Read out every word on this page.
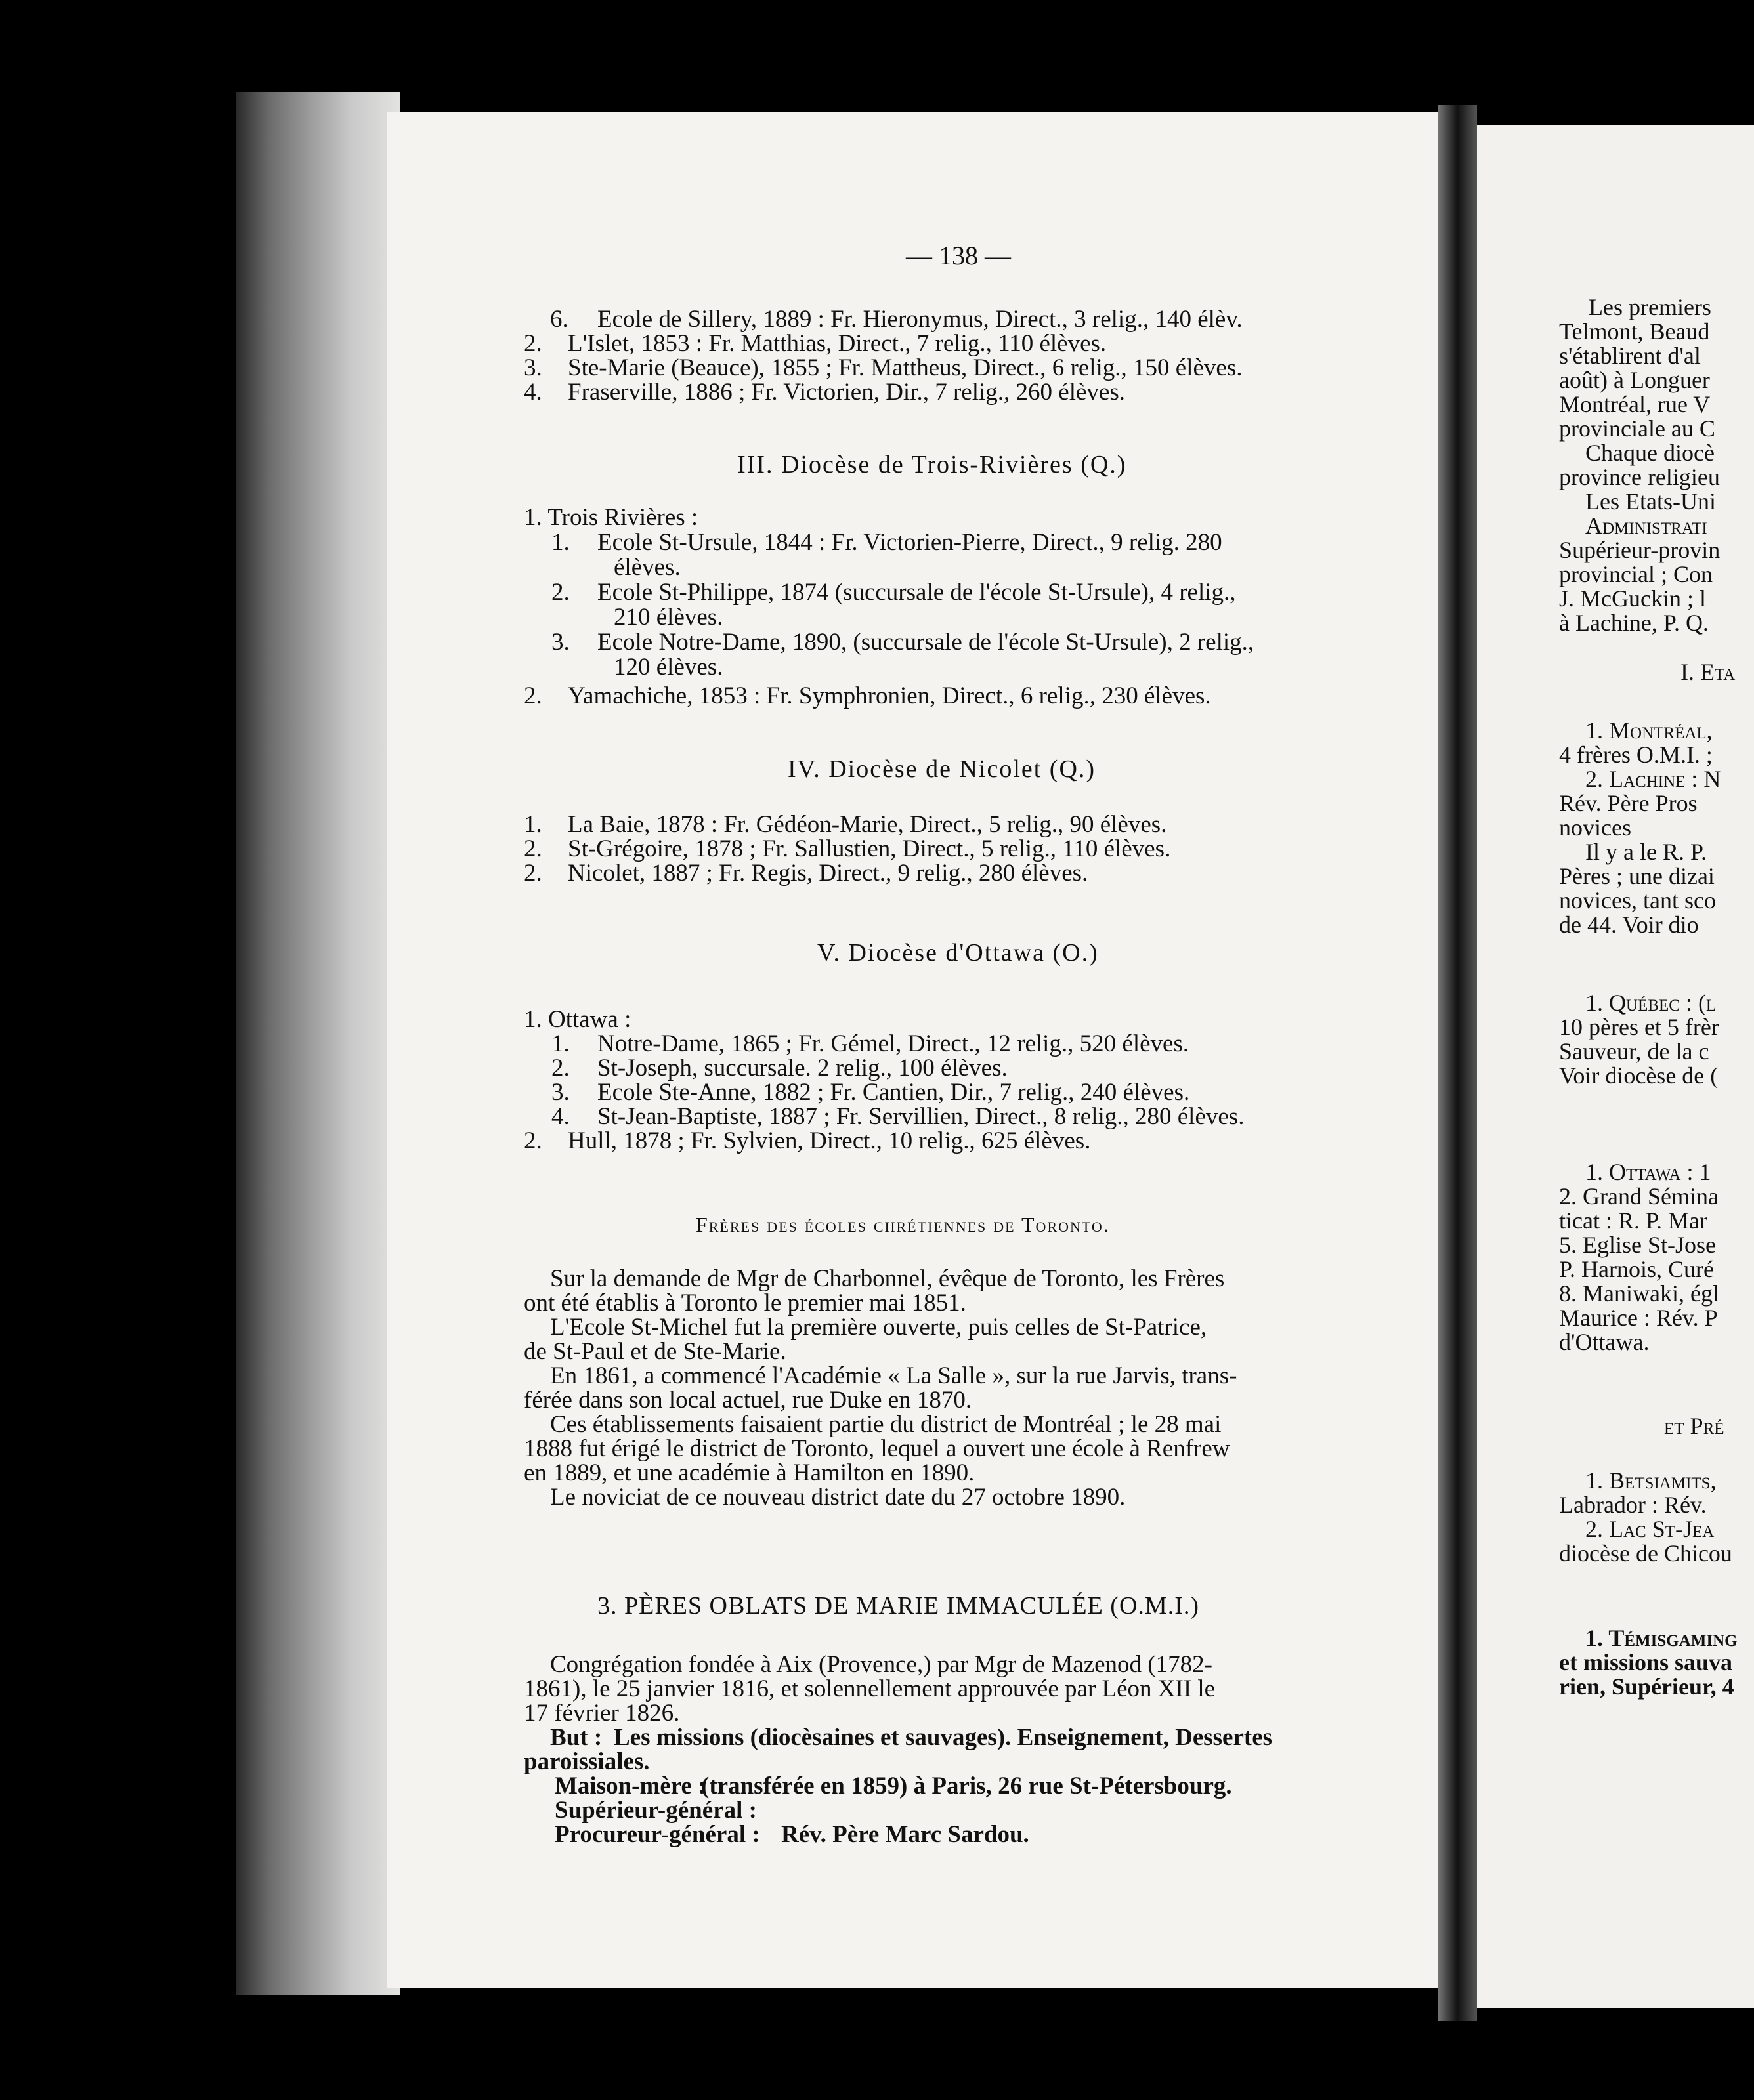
— 138 —
6. Ecole de Sillery, 1889 : Fr. Hieronymus, Direct., 3 relig., 140 élèv.
2. L'Islet, 1853 : Fr. Matthias, Direct., 7 relig., 110 élèves.
3. Ste-Marie (Beauce), 1855 ; Fr. Mattheus, Direct., 6 relig., 150 élèves.
4. Fraserville, 1886 ; Fr. Victorien, Dir., 7 relig., 260 élèves.
III. Diocèse de Trois-Rivières (Q.)
1. Trois Rivières :
1. Ecole St-Ursule, 1844 : Fr. Victorien-Pierre, Direct., 9 relig. 280
élèves.
2. Ecole St-Philippe, 1874 (succursale de l'école St-Ursule), 4 relig.,
210 élèves.
3. Ecole Notre-Dame, 1890, (succursale de l'école St-Ursule), 2 relig.,
120 élèves.
2. Yamachiche, 1853 : Fr. Symphronien, Direct., 6 relig., 230 élèves.
IV. Diocèse de Nicolet (Q.)
1. La Baie, 1878 : Fr. Gédéon-Marie, Direct., 5 relig., 90 élèves.
2. St-Grégoire, 1878 ; Fr. Sallustien, Direct., 5 relig., 110 élèves.
2. Nicolet, 1887 ; Fr. Regis, Direct., 9 relig., 280 élèves.
V. Diocèse d'Ottawa (O.)
1. Ottawa :
1. Notre-Dame, 1865 ; Fr. Gémel, Direct., 12 relig., 520 élèves.
2. St-Joseph, succursale. 2 relig., 100 élèves.
3. Ecole Ste-Anne, 1882 ; Fr. Cantien, Dir., 7 relig., 240 élèves.
4. St-Jean-Baptiste, 1887 ; Fr. Servillien, Direct., 8 relig., 280 élèves.
2. Hull, 1878 ; Fr. Sylvien, Direct., 10 relig., 625 élèves.
Frères des écoles chrétiennes de Toronto.
Sur la demande de Mgr de Charbonnel, évêque de Toronto, les Frères
ont été établis à Toronto le premier mai 1851.
L'Ecole St-Michel fut la première ouverte, puis celles de St-Patrice,
de St-Paul et de Ste-Marie.
En 1861, a commencé l'Académie « La Salle », sur la rue Jarvis, trans-
férée dans son local actuel, rue Duke en 1870.
Ces établissements faisaient partie du district de Montréal ; le 28 mai
1888 fut érigé le district de Toronto, lequel a ouvert une école à Renfrew
en 1889, et une académie à Hamilton en 1890.
Le noviciat de ce nouveau district date du 27 octobre 1890.
3. PÈRES OBLATS DE MARIE IMMACULÉE (O.M.I.)
Congrégation fondée à Aix (Provence,) par Mgr de Mazenod (1782-
1861), le 25 janvier 1816, et solennellement approuvée par Léon XII le
17 février 1826.
But : Les missions (diocèsaines et sauvages). Enseignement, Dessertes
paroissiales.
Maison-mère :
(transférée en 1859) à Paris, 26 rue St-Pétersbourg.
Supérieur-général :
Procureur-général : Rév. Père Marc Sardou.
Les premiers
Telmont, Beaud
s'établirent d'al
août) à Longuer
Montréal, rue V
provinciale au C
Chaque diocè
province religieu
Les Etats-Uni
Administrati
Supérieur-provin
provincial ; Con
J. McGuckin ; l
à Lachine, P. Q.
I. Eta
1. Montréal,
4 frères O.M.I. ;
2. Lachine : N
Rév. Père Pros
novices
Il y a le R. P.
Pères ; une dizai
novices, tant sco
de 44. Voir dio
1. Québec : (l
10 pères et 5 frèr
Sauveur, de la c
Voir diocèse de (
1. Ottawa : 1
2. Grand Sémina
ticat : R. P. Mar
5. Eglise St-Jose
P. Harnois, Curé
8. Maniwaki, égl
Maurice : Rév. P
d'Ottawa.
et Pré
1. Betsiamits,
Labrador : Rév.
2. Lac St-Jea
diocèse de Chicou
1. Témisgaming
et missions sauva
rien, Supérieur, 4
